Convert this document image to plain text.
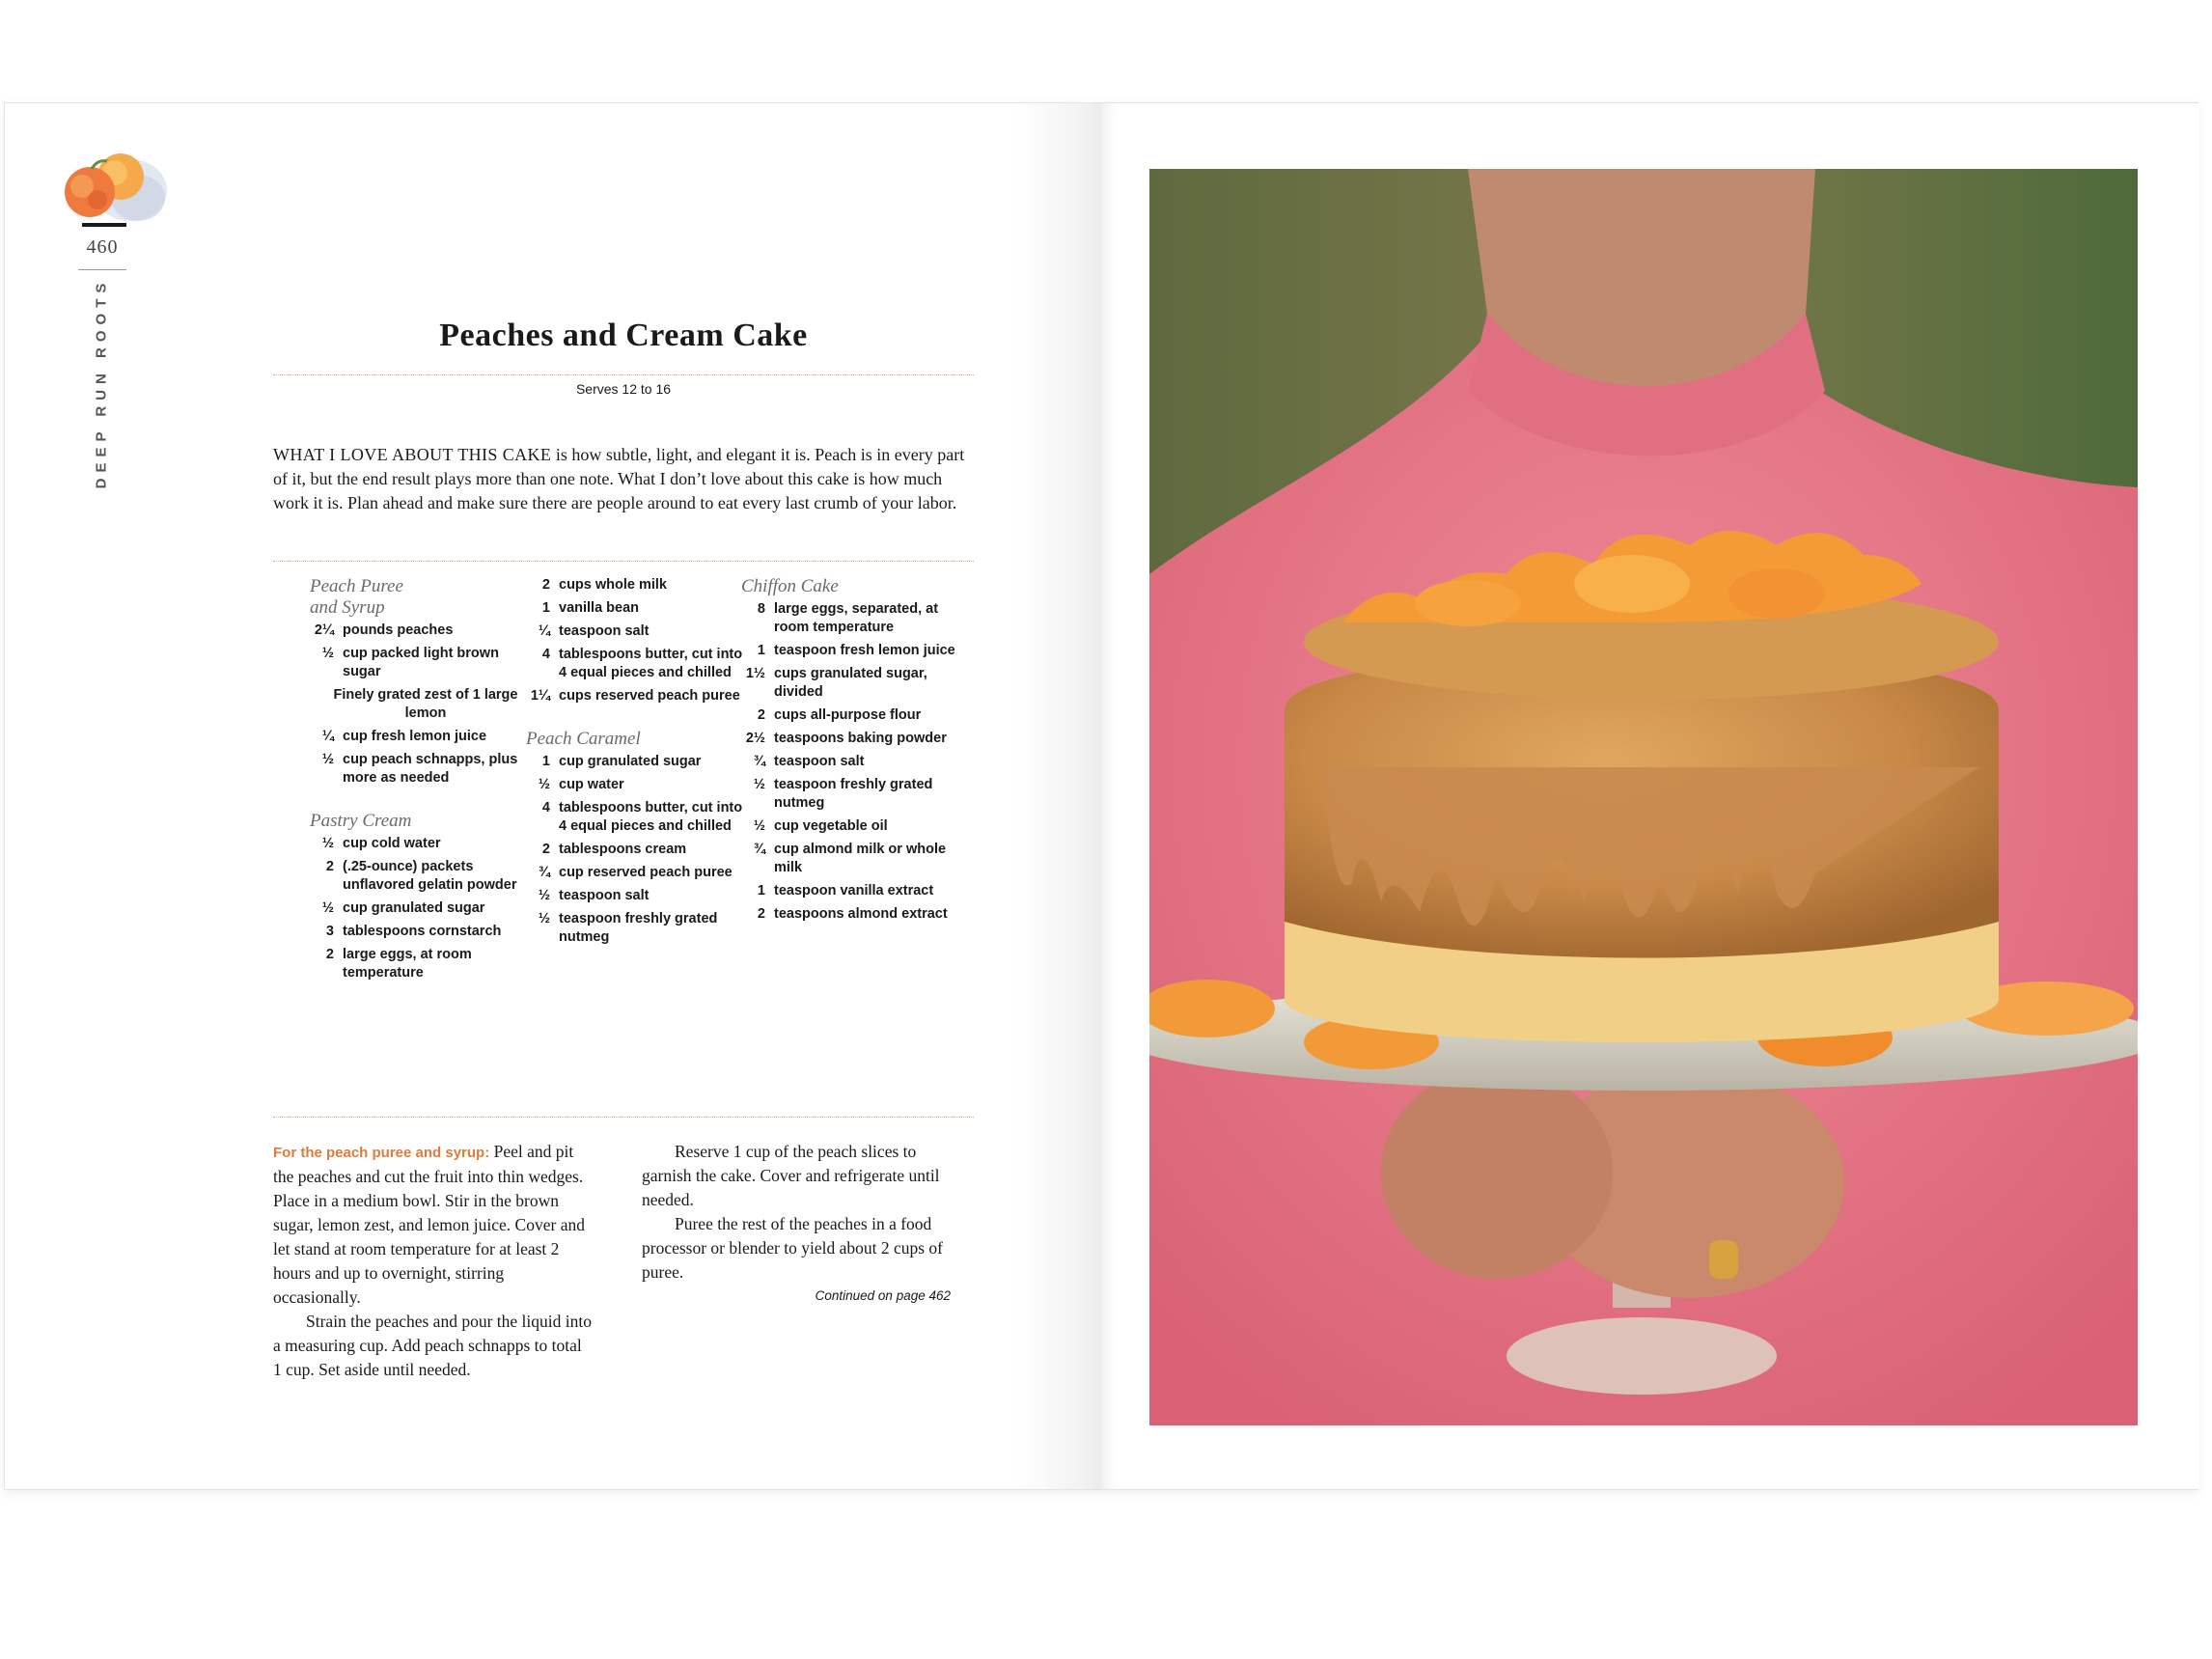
460
DEEP RUN ROOTS	Peaches and Cream Cake
Serves 12 to 16

WHAT I LOVE ABOUT THIS CAKE is how subtle, light, and elegant it is. Peach is in every part of it, but the end result plays more than one note. What I don’t love about this cake is how much work it is. Plan ahead and make sure there are people around to eat every last crumb of your labor.

Peach Puree
and Syrup
2¼ pounds peaches
½ cup packed light brown sugar
Finely grated zest of 1 large lemon
¼ cup fresh lemon juice
½ cup peach schnapps, plus more as needed
Pastry Cream
½ cup cold water
2 (.25-ounce) packets unflavored gelatin powder
½ cup granulated sugar
3 tablespoons cornstarch
2 large eggs, at room temperature
2 cups whole milk
1 vanilla bean
¼ teaspoon salt
4 tablespoons butter, cut into 4 equal pieces and chilled
1¼ cups reserved peach puree
Peach Caramel
1 cup granulated sugar
½ cup water
4 tablespoons butter, cut into 4 equal pieces and chilled
2 tablespoons cream
¾ cup reserved peach puree
½ teaspoon salt
½ teaspoon freshly grated nutmeg
Chiffon Cake
8 large eggs, separated, at room temperature
1 teaspoon fresh lemon juice
1½ cups granulated sugar, divided
2 cups all-purpose flour
2½ teaspoons baking powder
¾ teaspoon salt
½ teaspoon freshly grated nutmeg
½ cup vegetable oil
¾ cup almond milk or whole milk
1 teaspoon vanilla extract
2 teaspoons almond extract

For the peach puree and syrup: Peel and pit the peaches and cut the fruit into thin wedges. Place in a medium bowl. Stir in the brown sugar, lemon zest, and lemon juice. Cover and let stand at room temperature for at least 2 hours and up to overnight, stirring occasionally.

Strain the peaches and pour the liquid into a measuring cup. Add peach schnapps to total 1 cup. Set aside until needed.

Reserve 1 cup of the peach slices to garnish the cake. Cover and refrigerate until needed.

Puree the rest of the peaches in a food processor or blender to yield about 2 cups of puree.

Continued on page 462
